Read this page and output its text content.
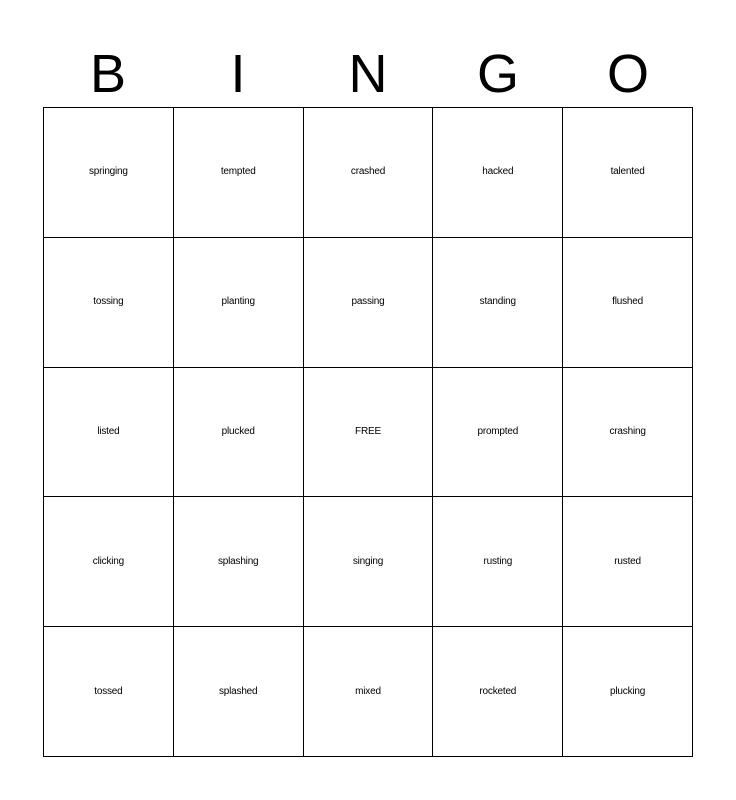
B	I	N	G	O
springing	tempted	crashed	hacked	talented
tossing	planting	passing	standing	flushed
listed	plucked	FREE	prompted	crashing
clicking	splashing	singing	rusting	rusted
tossed	splashed	mixed	rocketed	plucking
